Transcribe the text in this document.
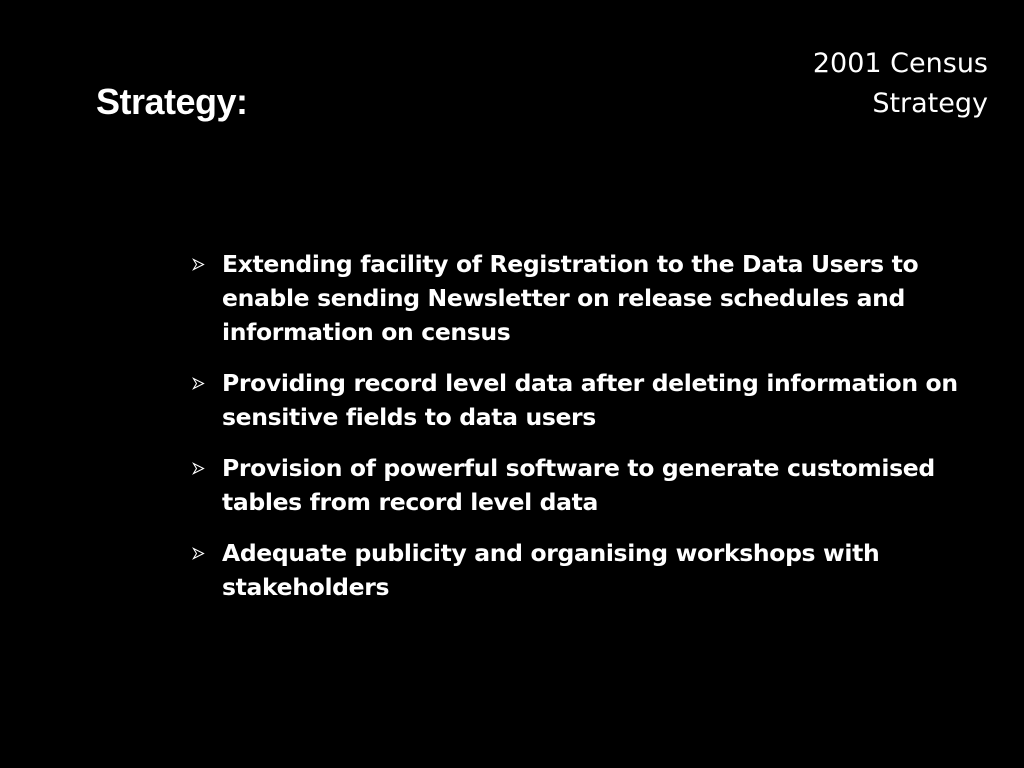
Strategy:
2001 Census
Strategy
Extending facility of Registration to the Data Users to enable sending Newsletter on release schedules and information on census
Providing record level data after deleting information on sensitive fields to data users
Provision of powerful software to generate customised tables from record level data
Adequate publicity and organising workshops with stakeholders
